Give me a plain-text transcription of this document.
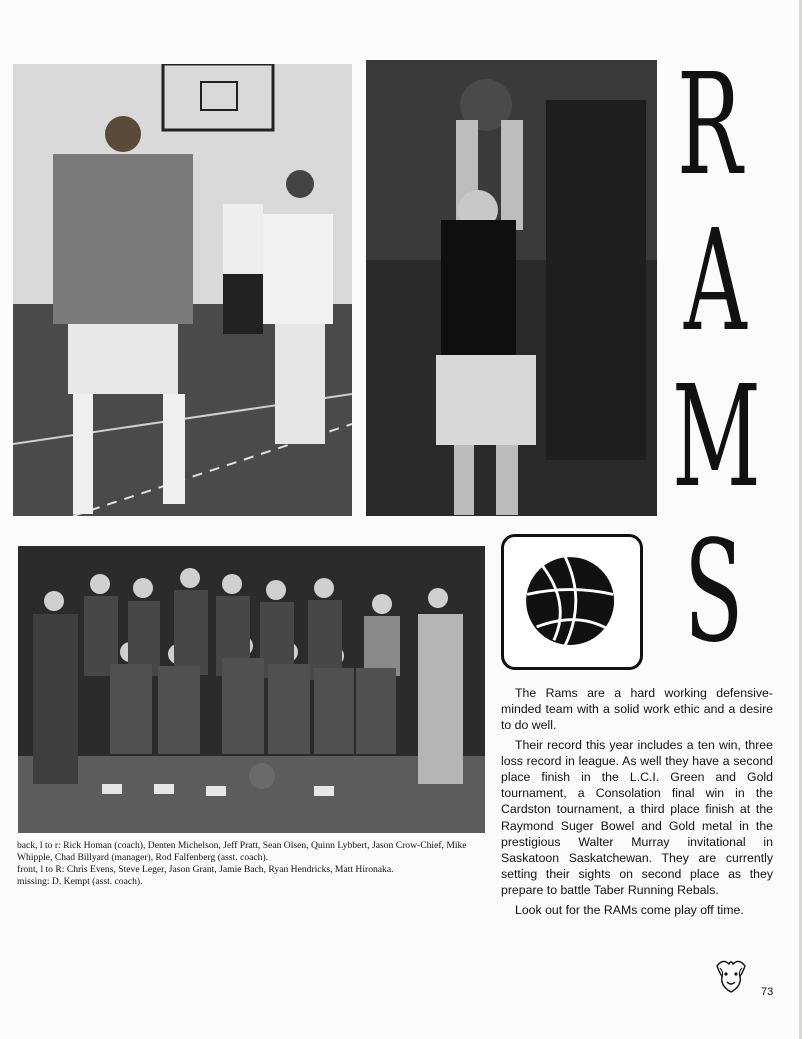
R
A
M
S

back, l to r: Rick Homan (coach), Denten Michelson, Jeff Pratt, Sean Olsen, Quinn Lybbert, Jason Crow-Chief, Mike Whipple, Chad Billyard (manager), Rod Falfenberg (asst. coach).

front, l to R: Chris Evens, Steve Leger, Jason Grant, Jamie Bach, Ryan Hendricks, Matt Hironaka.

missing: D. Kempt (asst. coach).

The Rams are a hard working defensive-minded team with a solid work ethic and a desire to do well.

Their record this year includes a ten win, three loss record in league. As well they have a second place finish in the L.C.I. Green and Gold tournament, a Consolation final win in the Cardston tournament, a third place finish at the Raymond Suger Bowel and Gold metal in the prestigious Walter Murray invitational in Saskatoon Saskatchewan. They are currently setting their sights on second place as they prepare to battle Taber Running Rebals.

Look out for the RAMs come play off time.

73
